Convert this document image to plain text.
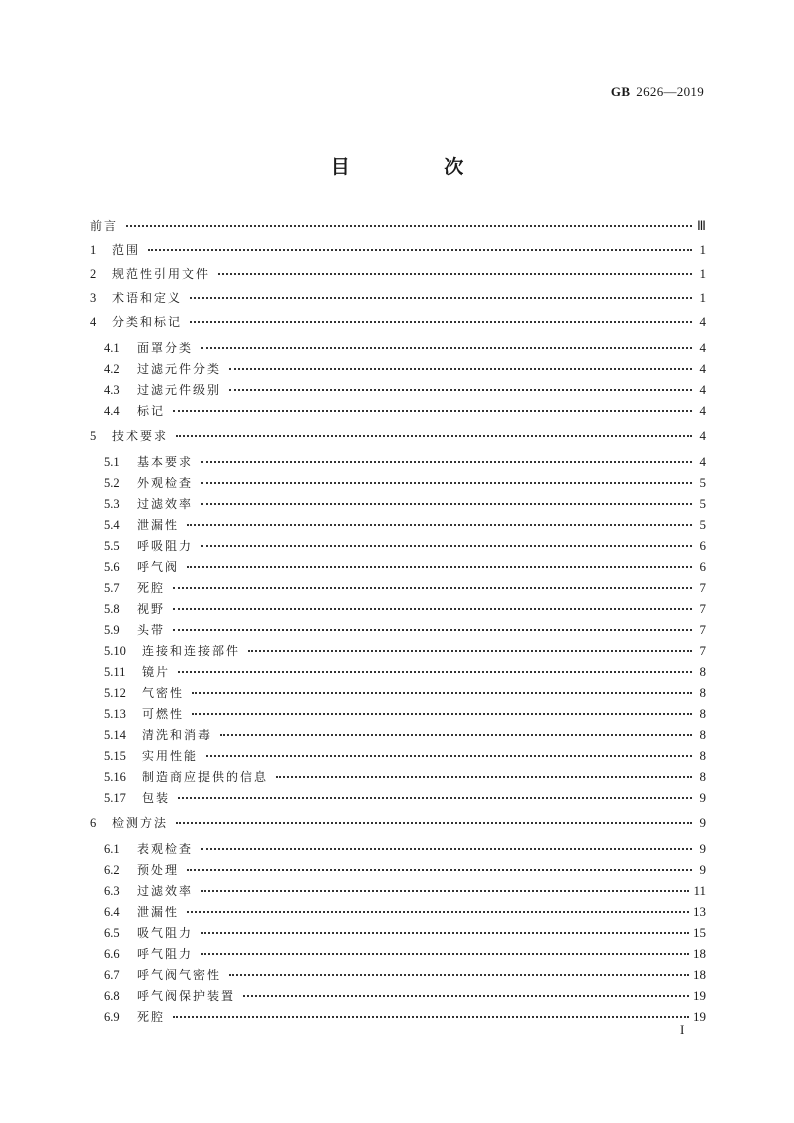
GB 2626—2019
目 次
前言	Ⅲ
1	范围	1
2	规范性引用文件	1
3	术语和定义	1
4	分类和标记	4
4.1	面罩分类	4
4.2	过滤元件分类	4
4.3	过滤元件级别	4
4.4	标记	4
5	技术要求	4
5.1	基本要求	4
5.2	外观检查	5
5.3	过滤效率	5
5.4	泄漏性	5
5.5	呼吸阻力	6
5.6	呼气阀	6
5.7	死腔	7
5.8	视野	7
5.9	头带	7
5.10	连接和连接部件	7
5.11	镜片	8
5.12	气密性	8
5.13	可燃性	8
5.14	清洗和消毒	8
5.15	实用性能	8
5.16	制造商应提供的信息	8
5.17	包装	9
6	检测方法	9
6.1	表观检查	9
6.2	预处理	9
6.3	过滤效率	11
6.4	泄漏性	13
6.5	吸气阻力	15
6.6	呼气阻力	18
6.7	呼气阀气密性	18
6.8	呼气阀保护装置	19
6.9	死腔	19
I
